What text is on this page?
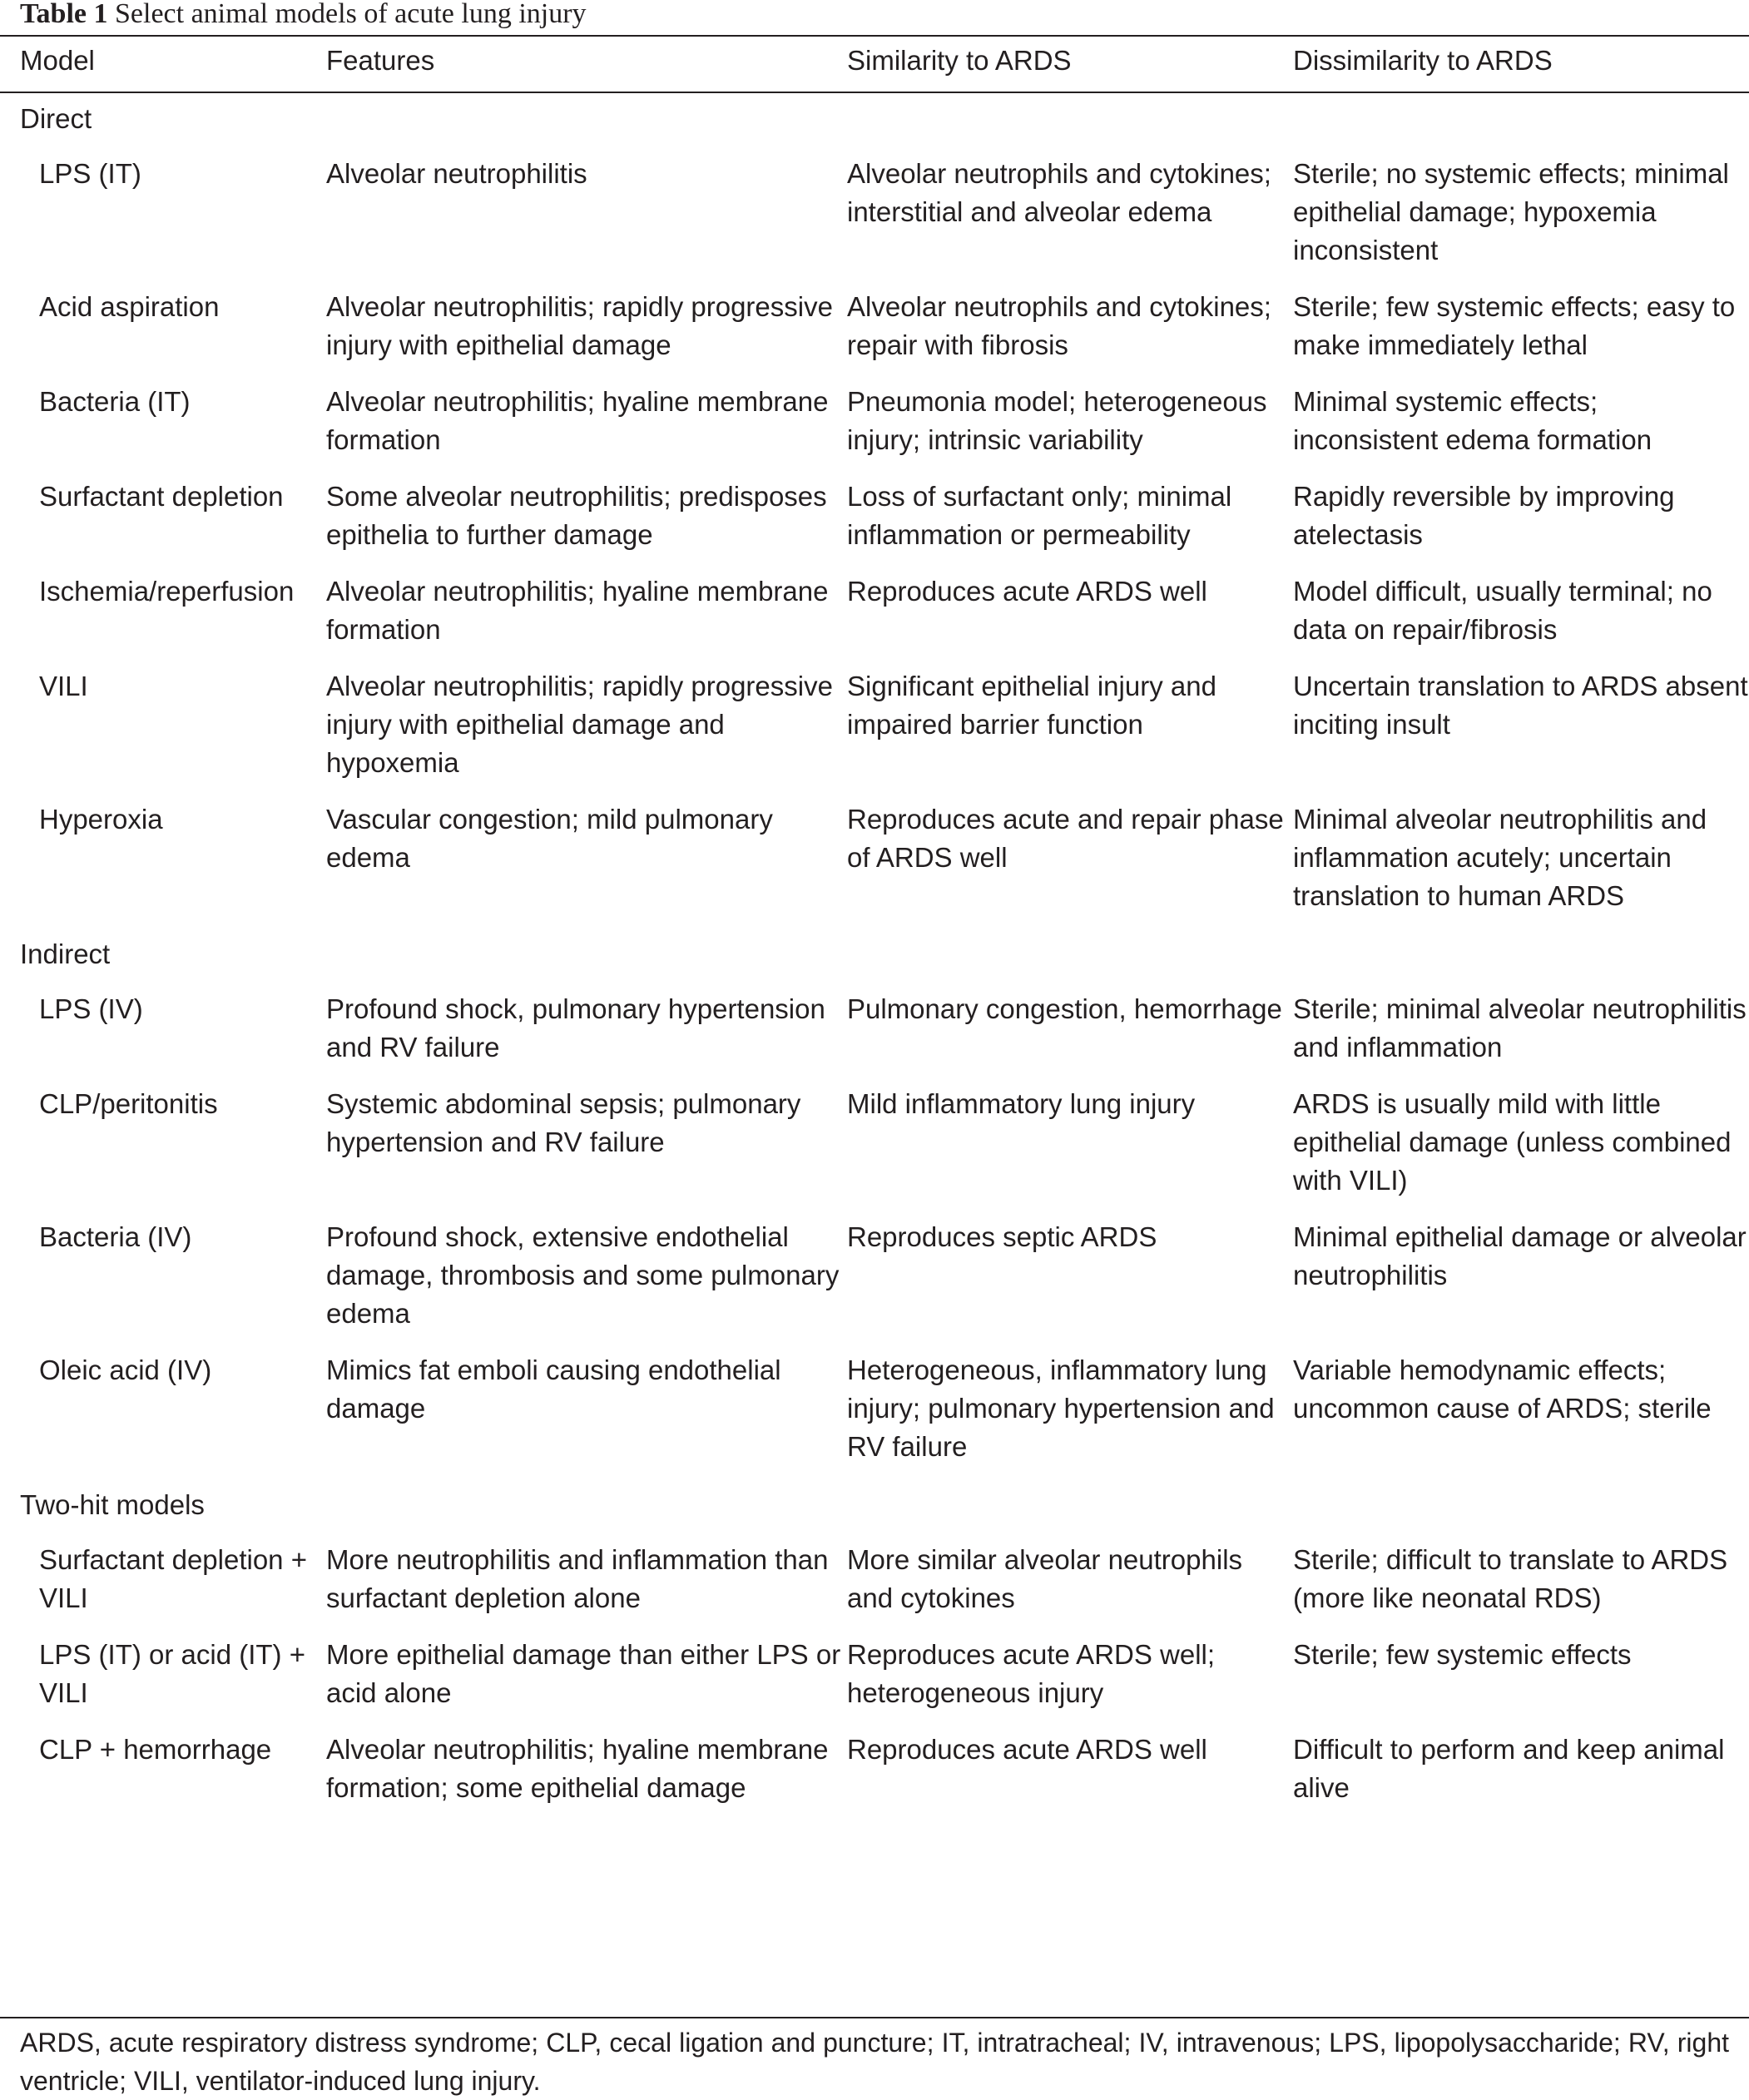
Table 1 Select animal models of acute lung injury
Model	Features	Similarity to ARDS	Dissimilarity to ARDS
Direct			
LPS (IT)	Alveolar neutrophilitis	Alveolar neutrophils and cytokines; interstitial and alveolar edema	Sterile; no systemic effects; minimal epithelial damage; hypoxemia inconsistent
Acid aspiration	Alveolar neutrophilitis; rapidly progressive injury with epithelial damage	Alveolar neutrophils and cytokines; repair with fibrosis	Sterile; few systemic effects; easy to make immediately lethal
Bacteria (IT)	Alveolar neutrophilitis; hyaline membrane formation	Pneumonia model; heterogeneous injury; intrinsic variability	Minimal systemic effects; inconsistent edema formation
Surfactant depletion	Some alveolar neutrophilitis; predisposes epithelia to further damage	Loss of surfactant only; minimal inflammation or permeability	Rapidly reversible by improving atelectasis
Ischemia/reperfusion	Alveolar neutrophilitis; hyaline membrane formation	Reproduces acute ARDS well	Model difficult, usually terminal; no data on repair/fibrosis
VILI	Alveolar neutrophilitis; rapidly progressive injury with epithelial damage and hypoxemia	Significant epithelial injury and impaired barrier function	Uncertain translation to ARDS absent inciting insult
Hyperoxia	Vascular congestion; mild pulmonary edema	Reproduces acute and repair phase of ARDS well	Minimal alveolar neutrophilitis and inflammation acutely; uncertain translation to human ARDS
Indirect			
LPS (IV)	Profound shock, pulmonary hypertension and RV failure	Pulmonary congestion, hemorrhage	Sterile; minimal alveolar neutrophilitis and inflammation
CLP/peritonitis	Systemic abdominal sepsis; pulmonary hypertension and RV failure	Mild inflammatory lung injury	ARDS is usually mild with little epithelial damage (unless combined with VILI)
Bacteria (IV)	Profound shock, extensive endothelial damage, thrombosis and some pulmonary edema	Reproduces septic ARDS	Minimal epithelial damage or alveolar neutrophilitis
Oleic acid (IV)	Mimics fat emboli causing endothelial damage	Heterogeneous, inflammatory lung injury; pulmonary hypertension and RV failure	Variable hemodynamic effects; uncommon cause of ARDS; sterile
Two-hit models			
Surfactant depletion + VILI	More neutrophilitis and inflammation than surfactant depletion alone	More similar alveolar neutrophils and cytokines	Sterile; difficult to translate to ARDS (more like neonatal RDS)
LPS (IT) or acid (IT) + VILI	More epithelial damage than either LPS or acid alone	Reproduces acute ARDS well; heterogeneous injury	Sterile; few systemic effects
CLP + hemorrhage	Alveolar neutrophilitis; hyaline membrane formation; some epithelial damage	Reproduces acute ARDS well	Difficult to perform and keep animal alive
ARDS, acute respiratory distress syndrome; CLP, cecal ligation and puncture; IT, intratracheal; IV, intravenous; LPS, lipopolysaccharide; RV, right ventricle; VILI, ventilator-induced lung injury.
